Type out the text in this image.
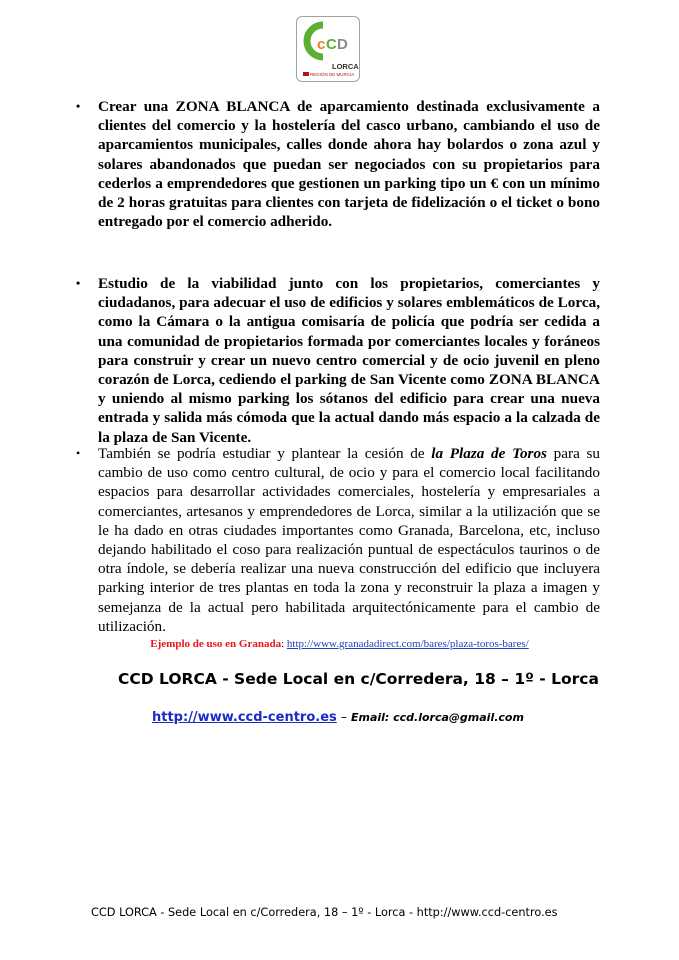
c C D
LORCA
REGIÓN DE MURCIA
• Crear una ZONA BLANCA de aparcamiento destinada exclusivamente a clientes del comercio y la hostelería del casco urbano, cambiando el uso de aparcamientos municipales, calles donde ahora hay bolardos o zona azul y solares abandonados que puedan ser negociados con su propietarios para cederlos a emprendedores que gestionen un parking tipo un € con un mínimo de 2 horas gratuitas para clientes con tarjeta de fidelización o el ticket o bono entregado por el comercio adherido.
• Estudio de la viabilidad junto con los propietarios, comerciantes y ciudadanos, para adecuar el uso de edificios y solares emblemáticos de Lorca, como la Cámara o la antigua comisaría de policía que podría ser cedida a una comunidad de propietarios formada por comerciantes locales y foráneos para construir y crear un nuevo centro comercial y de ocio juvenil en pleno corazón de Lorca, cediendo el parking de San Vicente como ZONA BLANCA y uniendo al mismo parking los sótanos del edificio para crear una nueva entrada y salida más cómoda que la actual dando más espacio a la calzada de la plaza de San Vicente.
• También se podría estudiar y plantear la cesión de la Plaza de Toros para su cambio de uso como centro cultural, de ocio y para el comercio local facilitando espacios para desarrollar actividades comerciales, hostelería y empresariales a comerciantes, artesanos y emprendedores de Lorca, similar a la utilización que se le ha dado en otras ciudades importantes como Granada, Barcelona, etc, incluso dejando habilitado el coso para realización puntual de espectáculos taurinos o de otra índole, se debería realizar una nueva construcción del edificio que incluyera parking interior de tres plantas en toda la zona y reconstruir la plaza a imagen y semejanza de la actual pero habilitada arquitectónicamente para el cambio de utilización.
Ejemplo de uso en Granada: http://www.granadadirect.com/bares/plaza-toros-bares/
CCD LORCA - Sede Local en c/Corredera, 18 – 1º - Lorca
http://www.ccd-centro.es – Email: ccd.lorca@gmail.com
CCD LORCA - Sede Local en c/Corredera, 18 – 1º - Lorca - http://www.ccd-centro.es
